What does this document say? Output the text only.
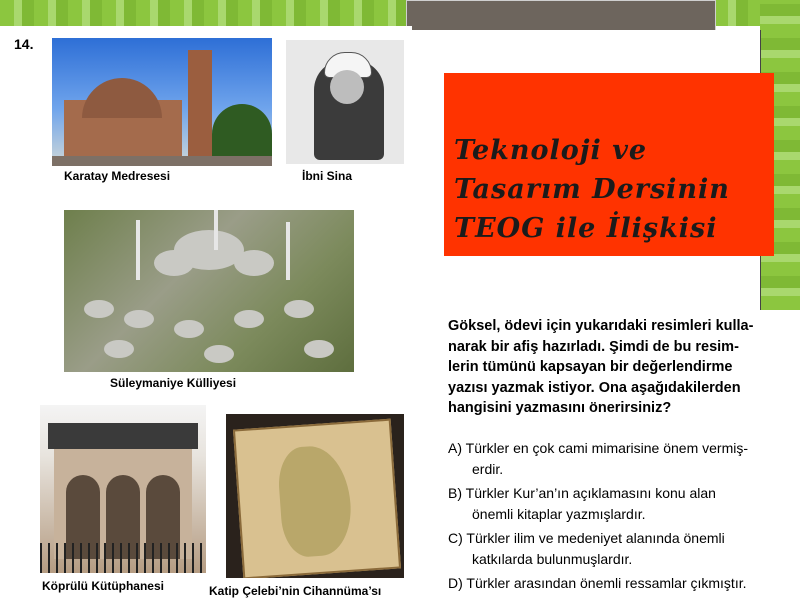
14.
Karatay Medresesi	İbni Sina
Süleymaniye Külliyesi
Köprülü Kütüphanesi	Katip Çelebi’nin Cihannüma’sı
Teknoloji ve
Tasarım Dersinin
TEOG ile İlişkisi
Göksel, ödevi için yukarıdaki resimleri kulla-
narak bir afiş hazırladı. Şimdi de bu resim-
lerin tümünü kapsayan bir değerlendirme
yazısı yazmak istiyor. Ona aşağıdakilerden
hangisini yazmasını önerirsiniz?
A) Türkler en çok cami mimarisine önem vermiş-
erdir.
B) Türkler Kur’an’ın açıklamasını konu alan
önemli kitaplar yazmışlardır.
C) Türkler ilim ve medeniyet alanında önemli
katkılarda bulunmuşlardır.
D) Türkler arasından önemli ressamlar çıkmıştır.
